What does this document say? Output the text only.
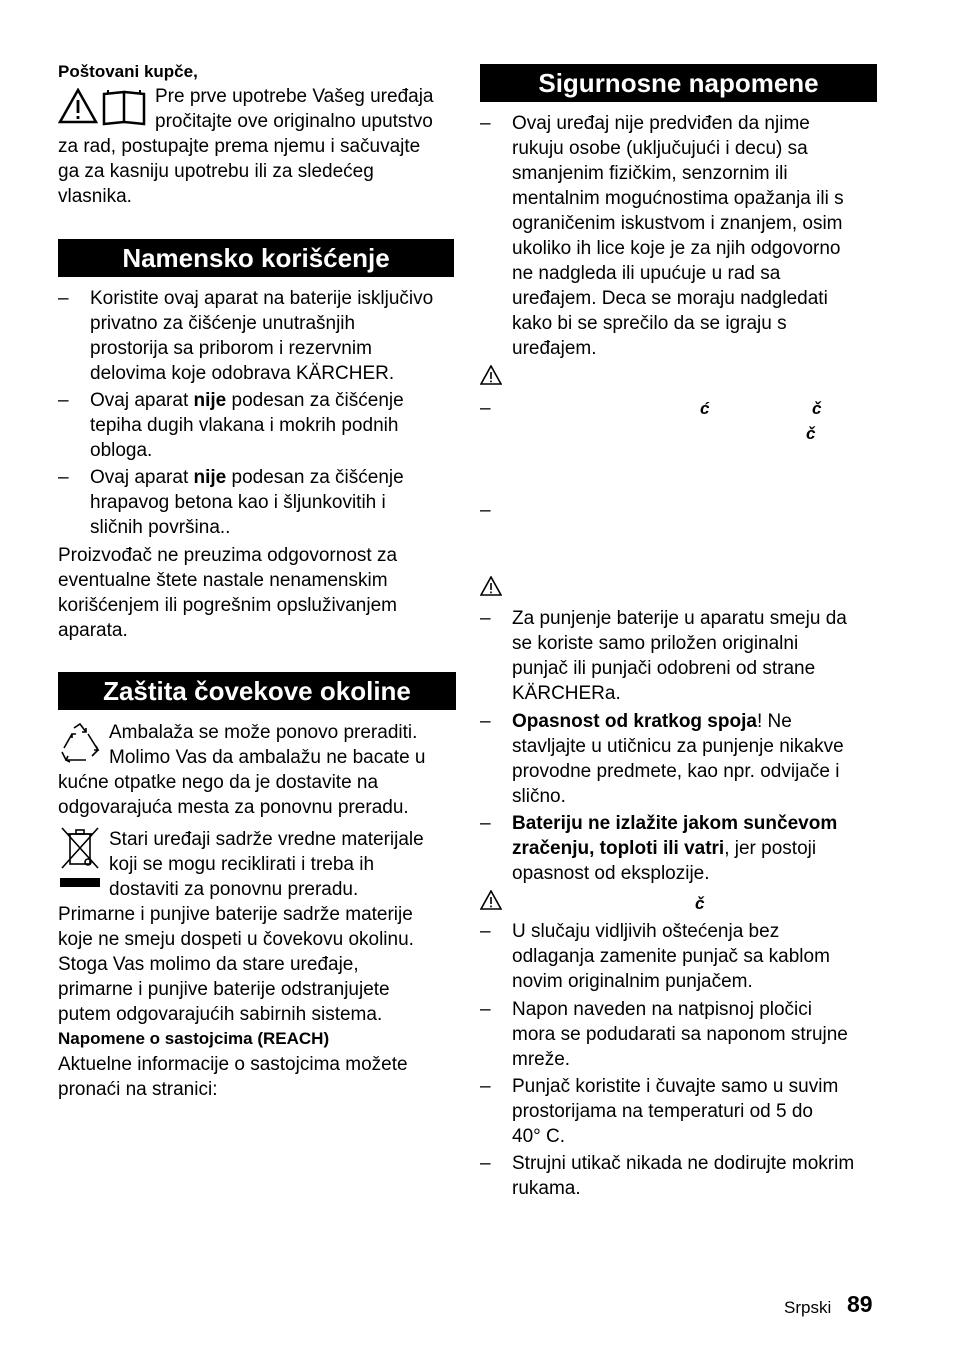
Poštovani kupče,
Pre prve upotrebe Vašeg uređaja
pročitajte ove originalno uputstvo
za rad, postupajte prema njemu i sačuvajte
ga za kasniju upotrebu ili za sledećeg
vlasnika.
Namensko korišćenje
– Koristite ovaj aparat na baterije isključivo
privatno za čišćenje unutrašnjih
prostorija sa priborom i rezervnim
delovima koje odobrava KÄRCHER.
– Ovaj aparat nije podesan za čišćenje
tepiha dugih vlakana i mokrih podnih
obloga.
– Ovaj aparat nije podesan za čišćenje
hrapavog betona kao i šljunkovitih i
sličnih površina..
Proizvođač ne preuzima odgovornost za
eventualne štete nastale nenamenskim
korišćenjem ili pogrešnim opsluživanjem
aparata.
Zaštita čovekove okoline
Ambalaža se može ponovo preraditi.
Molimo Vas da ambalažu ne bacate u
kućne otpatke nego da je dostavite na
odgovarajuća mesta za ponovnu preradu.
Stari uređaji sadrže vredne materijale
koji se mogu reciklirati i treba ih
dostaviti za ponovnu preradu.
Primarne i punjive baterije sadrže materije
koje ne smeju dospeti u čovekovu okolinu.
Stoga Vas molimo da stare uređaje,
primarne i punjive baterije odstranjujete
putem odgovarajućih sabirnih sistema.
Napomene o sastojcima (REACH)
Aktuelne informacije o sastojcima možete
pronaći na stranici:
Sigurnosne napomene
– Ovaj uređaj nije predviđen da njime
rukuju osobe (uključujući i decu) sa
smanjenim fizičkim, senzornim ili
mentalnim mogućnostima opažanja ili s
ograničenim iskustvom i znanjem, osim
ukoliko ih lice koje je za njih odgovorno
ne nadgleda ili upućuje u rad sa
uređajem. Deca se moraju nadgledati
kako bi se sprečilo da se igraju s
uređajem.
–	ć	č
č
–
– Za punjenje baterije u aparatu smeju da
se koriste samo priložen originalni
punjač ili punjači odobreni od strane
KÄRCHERa.
– Opasnost od kratkog spoja! Ne
stavljajte u utičnicu za punjenje nikakve
provodne predmete, kao npr. odvijače i
slično.
– Bateriju ne izlažite jakom sunčevom
zračenju, toploti ili vatri, jer postoji
opasnost od eksplozije.
č
– U slučaju vidljivih oštećenja bez
odlaganja zamenite punjač sa kablom
novim originalnim punjačem.
– Napon naveden na natpisnoj pločici
mora se podudarati sa naponom strujne
mreže.
– Punjač koristite i čuvajte samo u suvim
prostorijama na temperaturi od 5 do
40° C.
– Strujni utikač nikada ne dodirujte mokrim
rukama.
Srpski 89
